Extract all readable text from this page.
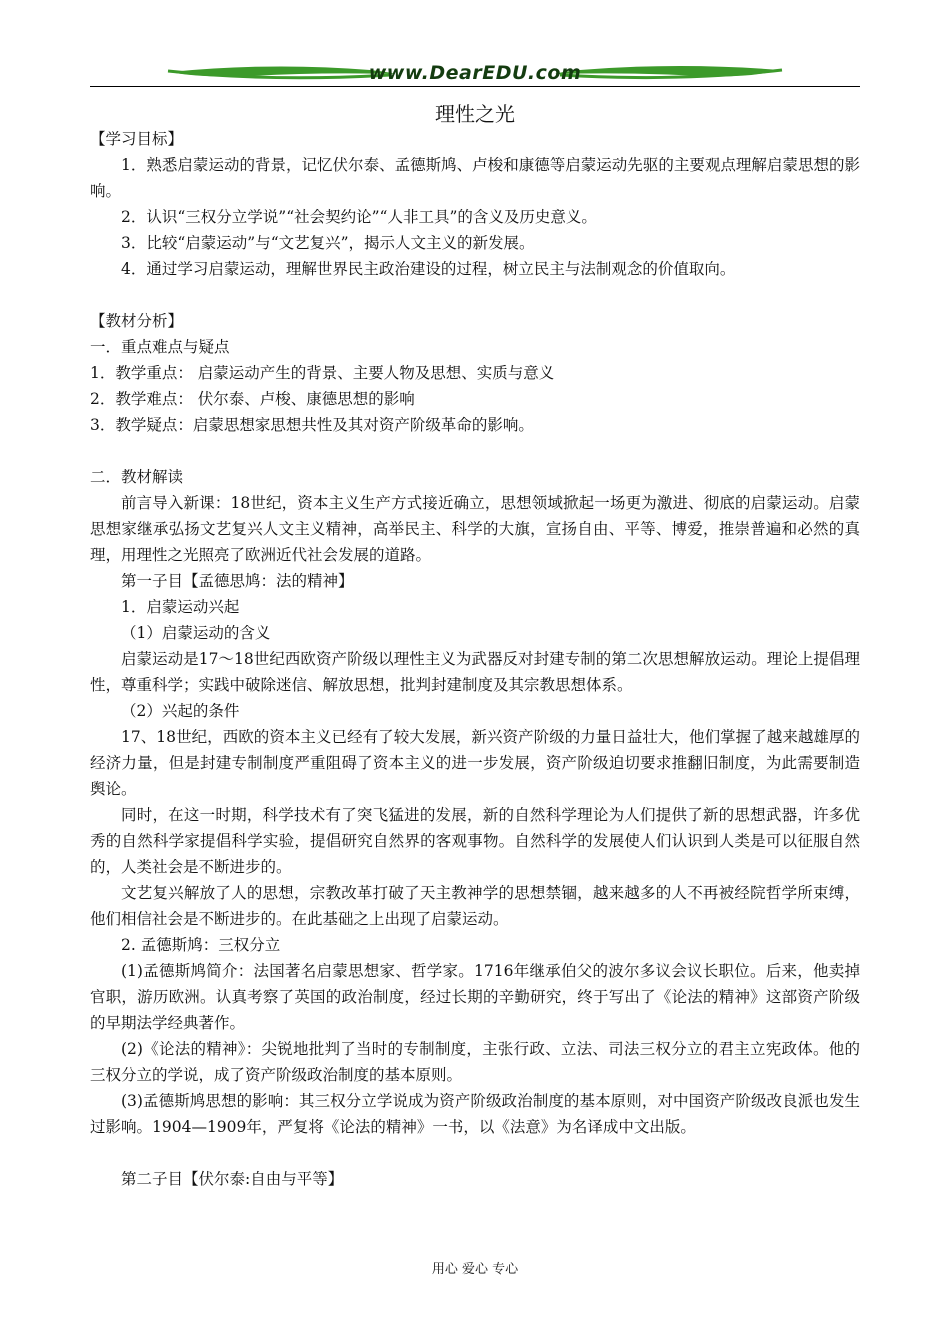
www.DearEDU.com
理性之光

【学习目标】

1．熟悉启蒙运动的背景，记忆伏尔泰、孟德斯鸠、卢梭和康德等启蒙运动先驱的主要观点理解启蒙思想的影响。

2．认识“三权分立学说”“社会契约论”“人非工具”的含义及历史意义。

3．比较“启蒙运动”与“文艺复兴”，揭示人文主义的新发展。

4．通过学习启蒙运动，理解世界民主政治建设的过程，树立民主与法制观念的价值取向。

【教材分析】

一．重点难点与疑点

1．教学重点： 启蒙运动产生的背景、主要人物及思想、实质与意义

2．教学难点： 伏尔泰、卢梭、康德思想的影响

3．教学疑点：启蒙思想家思想共性及其对资产阶级革命的影响。

二．教材解读

前言导入新课：18世纪，资本主义生产方式接近确立，思想领域掀起一场更为激进、彻底的启蒙运动。启蒙思想家继承弘扬文艺复兴人文主义精神，高举民主、科学的大旗，宣扬自由、平等、博爱，推崇普遍和必然的真理，用理性之光照亮了欧洲近代社会发展的道路。

第一子目【孟德思鸠：法的精神】

1．启蒙运动兴起

（1）启蒙运动的含义

启蒙运动是17～18世纪西欧资产阶级以理性主义为武器反对封建专制的第二次思想解放运动。理论上提倡理性，尊重科学；实践中破除迷信、解放思想，批判封建制度及其宗教思想体系。

（2）兴起的条件

17、18世纪，西欧的资本主义已经有了较大发展，新兴资产阶级的力量日益壮大，他们掌握了越来越雄厚的经济力量，但是封建专制制度严重阻碍了资本主义的进一步发展，资产阶级迫切要求推翻旧制度，为此需要制造舆论。

同时，在这一时期，科学技术有了突飞猛进的发展，新的自然科学理论为人们提供了新的思想武器，许多优秀的自然科学家提倡科学实验，提倡研究自然界的客观事物。自然科学的发展使人们认识到人类是可以征服自然的，人类社会是不断进步的。

文艺复兴解放了人的思想，宗教改革打破了天主教神学的思想禁锢，越来越多的人不再被经院哲学所束缚，他们相信社会是不断进步的。在此基础之上出现了启蒙运动。

2. 孟德斯鸠：三权分立

(1)孟德斯鸠简介：法国著名启蒙思想家、哲学家。1716年继承伯父的波尔多议会议长职位。后来，他卖掉官职，游历欧洲。认真考察了英国的政治制度，经过长期的辛勤研究，终于写出了《论法的精神》这部资产阶级的早期法学经典著作。

(2)《论法的精神》：尖锐地批判了当时的专制制度，主张行政、立法、司法三权分立的君主立宪政体。他的三权分立的学说，成了资产阶级政治制度的基本原则。

(3)孟德斯鸠思想的影响：其三权分立学说成为资产阶级政治制度的基本原则，对中国资产阶级改良派也发生过影响。1904—1909年，严复将《论法的精神》一书，以《法意》为名译成中文出版。

第二子目【伏尔泰:自由与平等】

用心 爱心 专心
